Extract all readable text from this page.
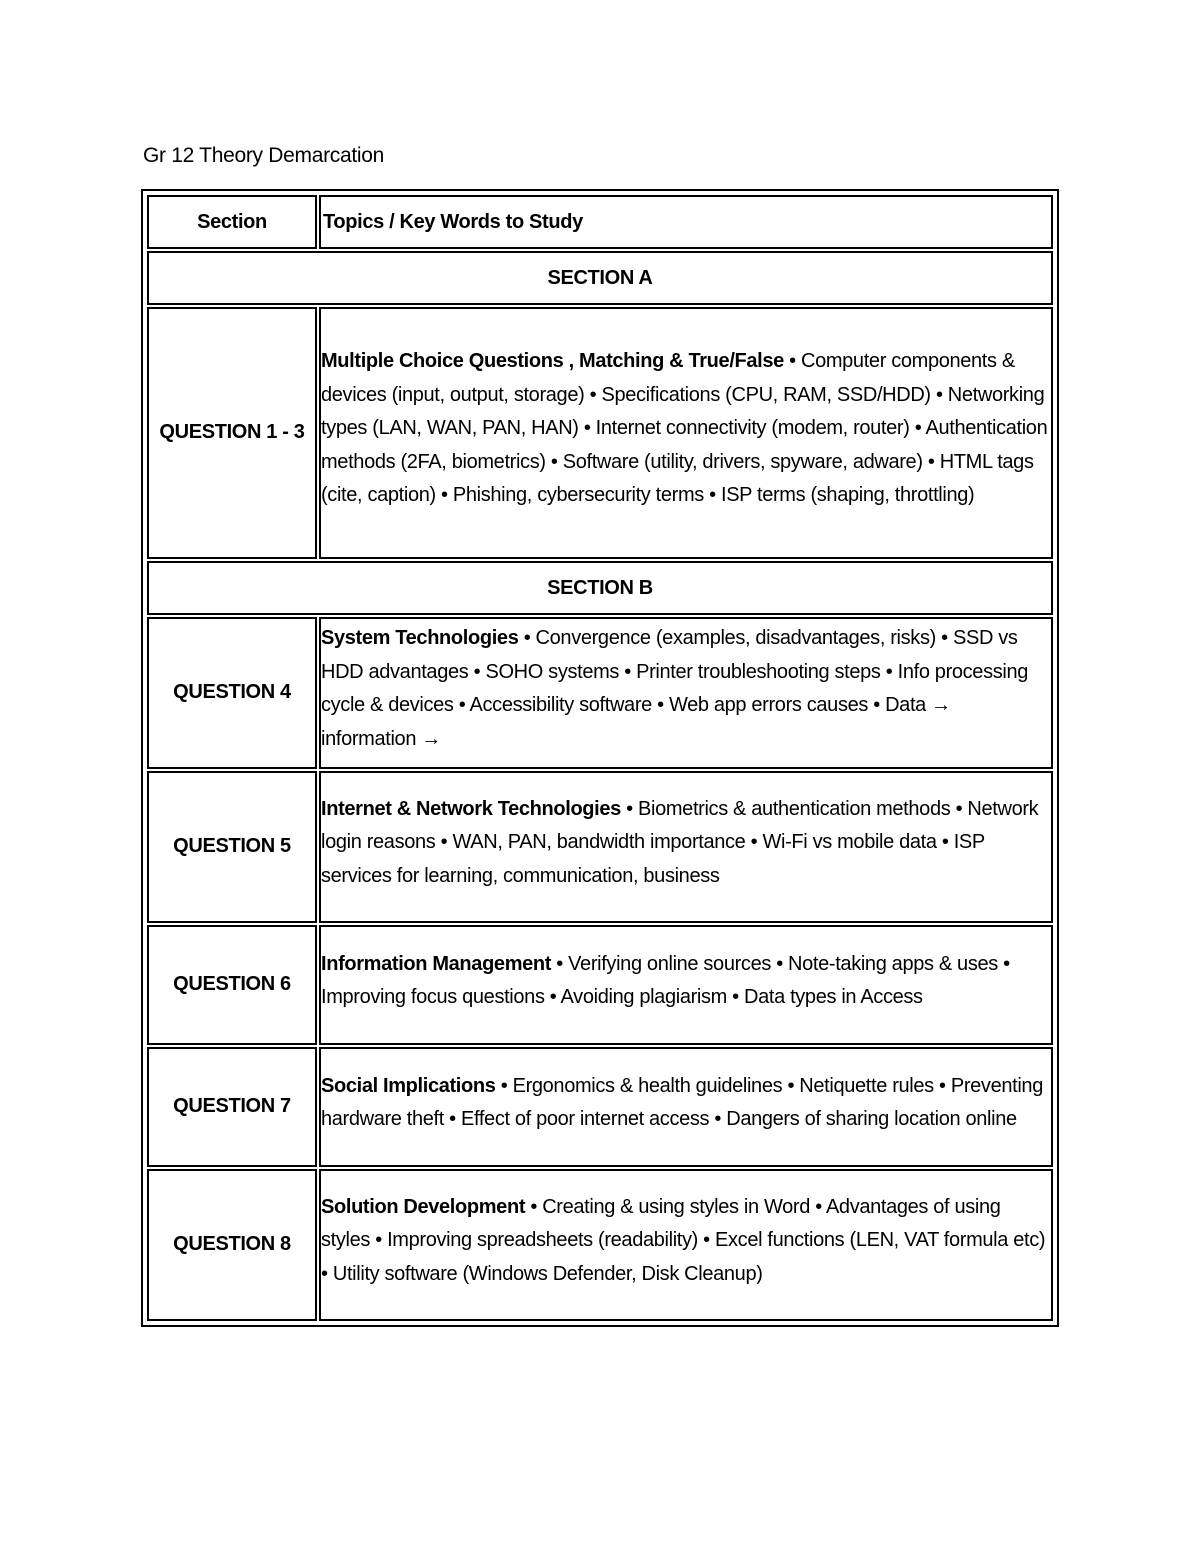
Gr 12 Theory Demarcation
Section	Topics / Key Words to Study
SECTION A	
QUESTION 1 - 3	Multiple Choice Questions , Matching & True/False • Computer components & devices (input, output, storage) • Specifications (CPU, RAM, SSD/HDD) • Networking types (LAN, WAN, PAN, HAN) • Internet connectivity (modem, router) • Authentication methods (2FA, biometrics) • Software (utility, drivers, spyware, adware) • HTML tags (cite, caption) • Phishing, cybersecurity terms • ISP terms (shaping, throttling)

SECTION B	
QUESTION 4	System Technologies • Convergence (examples, disadvantages, risks) • SSD vs HDD advantages • SOHO systems • Printer troubleshooting steps • Info processing cycle & devices • Accessibility software • Web app errors causes • Data → information →

QUESTION 5	Internet & Network Technologies • Biometrics & authentication methods • Network login reasons • WAN, PAN, bandwidth importance • Wi-Fi vs mobile data • ISP services for learning, communication, business

QUESTION 6	Information Management • Verifying online sources • Note-taking apps & uses • Improving focus questions • Avoiding plagiarism • Data types in Access

QUESTION 7	Social Implications • Ergonomics & health guidelines • Netiquette rules • Preventing hardware theft • Effect of poor internet access • Dangers of sharing location online

QUESTION 8	Solution Development • Creating & using styles in Word • Advantages of using styles • Improving spreadsheets (readability) • Excel functions (LEN, VAT formula etc) • Utility software (Windows Defender, Disk Cleanup)
